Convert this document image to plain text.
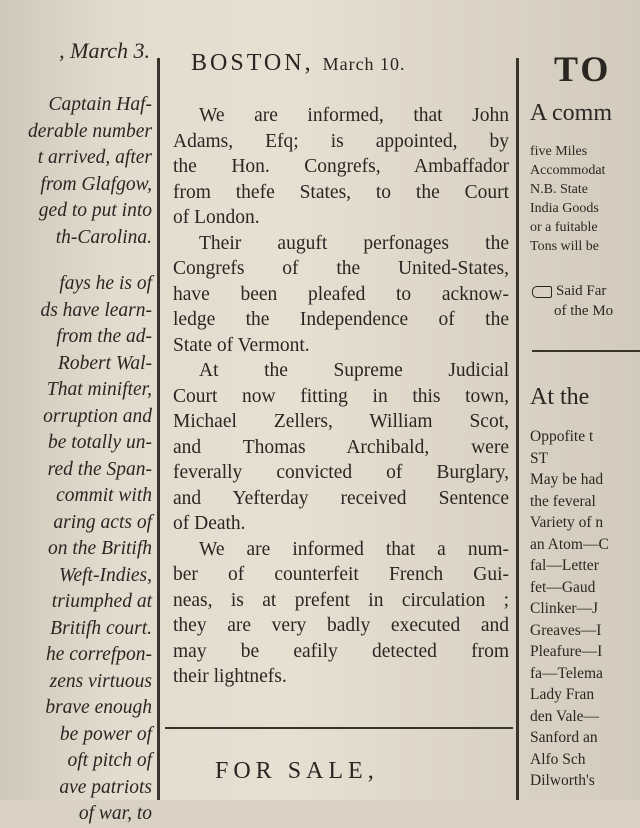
, March 3.
Captain Haf-
derable number
t arrived, after
from Glafgow,
ged to put into
th-Carolina.
fays he is of
ds have learn-
from the ad-
Robert Wal-
That minifter,
orruption and
be totally un-
red the Span-
commit with
aring acts of
on the Britifh
Weft-Indies,
triumphed at
Britifh court.
he correfpon-
zens virtuous
brave enough
be power of
oft pitch of
ave patriots
of war, to
BOSTON, March 10.
We are informed, that John
Adams, Efq; is appointed, by
the Hon. Congrefs, Ambaffador
from thefe States, to the Court
of London.
Their auguft perfonages the
Congrefs of the United-States,
have been pleafed to acknow-
ledge the Independence of the
State of Vermont.
At the Supreme Judicial
Court now fitting in this town,
Michael Zellers, William Scot,
and Thomas Archibald, were
feverally convicted of Burglary,
and Yefterday received Sentence
of Death.
We are informed that a num-
ber of counterfeit French Gui-
neas, is at prefent in circulation ;
they are very badly executed and
may be eafily detected from
their lightnefs.
FOR SALE,
TO
A comm
five Miles
Accommodat
N.B. State
India Goods
or a fuitable
Tons will be
Said Far
of the Mo
At the
Oppofite t
ST
May be had
the feveral
Variety of n
an Atom—C
fal—Letter
fet—Gaud
Clinker—J
Greaves—I
Pleafure—I
fa—Telema
Lady Fran
den Vale—
Sanford an
Alfo Sch
Dilworth's
